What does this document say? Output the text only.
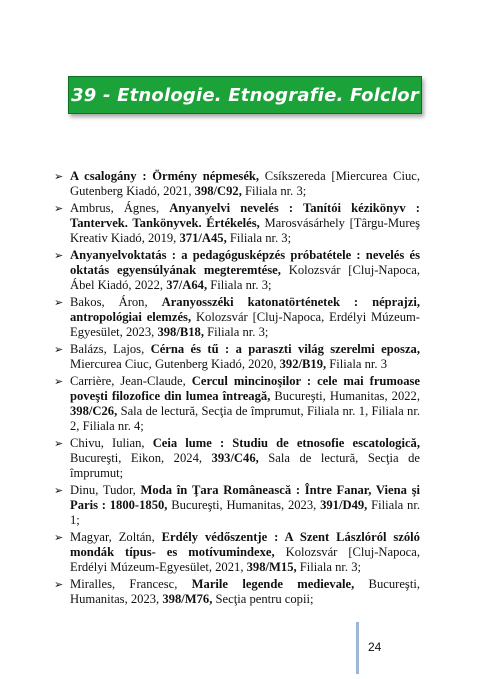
39 - Etnologie. Etnografie. Folclor
➢ A csalogány : Örmény népmesék, Csíkszereda [Miercurea Ciuc, Gutenberg Kiadó, 2021, 398/C92, Filiala nr. 3;
➢ Ambrus, Ágnes, Anyanyelvi nevelés : Tanítói kézikönyv : Tantervek. Tankönyvek. Értékelés, Marosvásárhely [Târgu-Mureş Kreativ Kiadó, 2019, 371/A45, Filiala nr. 3;
➢ Anyanyelvoktatás : a pedagógusképzés próbatétele : nevelés és oktatás egyensúlyának megteremtése, Kolozsvár [Cluj-Napoca, Ábel Kiadó, 2022, 37/A64, Filiala nr. 3;
➢ Bakos, Áron, Aranyosszéki katonatörténetek : néprajzi, antropológiai elemzés, Kolozsvár [Cluj-Napoca, Erdélyi Múzeum-Egyesület, 2023, 398/B18, Filiala nr. 3;
➢ Balázs, Lajos, Cérna és tű : a paraszti világ szerelmi eposza, Miercurea Ciuc, Gutenberg Kiadó, 2020, 392/B19, Filiala nr. 3
➢ Carrière, Jean-Claude, Cercul mincinoşilor : cele mai frumoase poveşti filozofice din lumea întreagă, Bucureşti, Humanitas, 2022, 398/C26, Sala de lectură, Secţia de împrumut, Filiala nr. 1, Filiala nr. 2, Filiala nr. 4;
➢ Chivu, Iulian, Ceia lume : Studiu de etnosofie escatologică, Bucureşti, Eikon, 2024, 393/C46, Sala de lectură, Secţia de împrumut;
➢ Dinu, Tudor, Moda în Ţara Românească : Între Fanar, Viena şi Paris : 1800-1850, Bucureşti, Humanitas, 2023, 391/D49, Filiala nr. 1;
➢ Magyar, Zoltán, Erdély védőszentje : A Szent Lászlóról szóló mondák típus- es motívumindexe, Kolozsvár [Cluj-Napoca, Erdélyi Múzeum-Egyesület, 2021, 398/M15, Filiala nr. 3;
➢ Miralles, Francesc, Marile legende medievale, Bucureşti, Humanitas, 2023, 398/M76, Secţia pentru copii;
24
